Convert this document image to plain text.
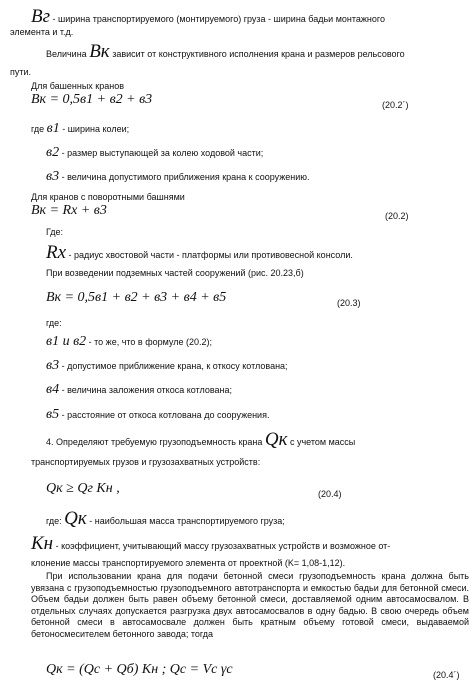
Bг - ширина транспортируемого (монтируемого) груза - ширина бадьи монтажного
элемента и т.д.
Величина Bк зависит от конструктивного исполнения крана и размеров рельсового
пути.
Для башенных кранов
Bк = 0,5в1 + в2 + в3	(20.2´)
где в1 - ширина колеи;
в2 - размер выступающей за колею ходовой части;
в3 - величина допустимого приближения крана к сооружению.
Для кранов с поворотными башнями
Bк = Rх + в3	(20.2)
Где:
Rх - радиус хвостовой части - платформы или противовесной консоли.
При возведении подземных частей сооружений (рис. 20.23,б)
Bк = 0,5в1 + в2 + в3 + в4 + в5	(20.3)
где:
в1 и в2 - то же, что в формуле (20.2);
в3 - допустимое приближение крана, к откосу котлована;
в4 - величина заложения откоса котлована;
в5 - расстояние от откоса котлована до сооружения.
4. Определяют требуемую грузоподъемность крана Qк с учетом массы
транспортируемых грузов и грузозахватных устройств:
Qк ≥ Qг Kн ,	(20.4)
где: Qк - наибольшая масса транспортируемого груза;
Kн - коэффициент, учитывающий массу грузозахватных устройств и возможное от-
клонение массы транспортируемого элемента от проектной (K= 1,08-1,12).
При использовании крана для подачи бетонной смеси грузоподъемность крана должна быть увязана с грузоподъемностью грузоподъемного автотранспорта и емкостью бадьи для бетонной смеси. Объем бадьи должен быть равен объему бетонной смеси, доставляемой одним автосамосвалом. В отдельных случаях допускается разгрузка двух автосамосвалов в одну бадью. В свою очередь объем бетонной смеси в автосамосвале должен быть кратным объему готовой смеси, выдаваемой бетоносмесителем бетонного завода; тогда
Qк = (Qс + Qб) Kн ; Qс = Vс γс	(20.4´)
